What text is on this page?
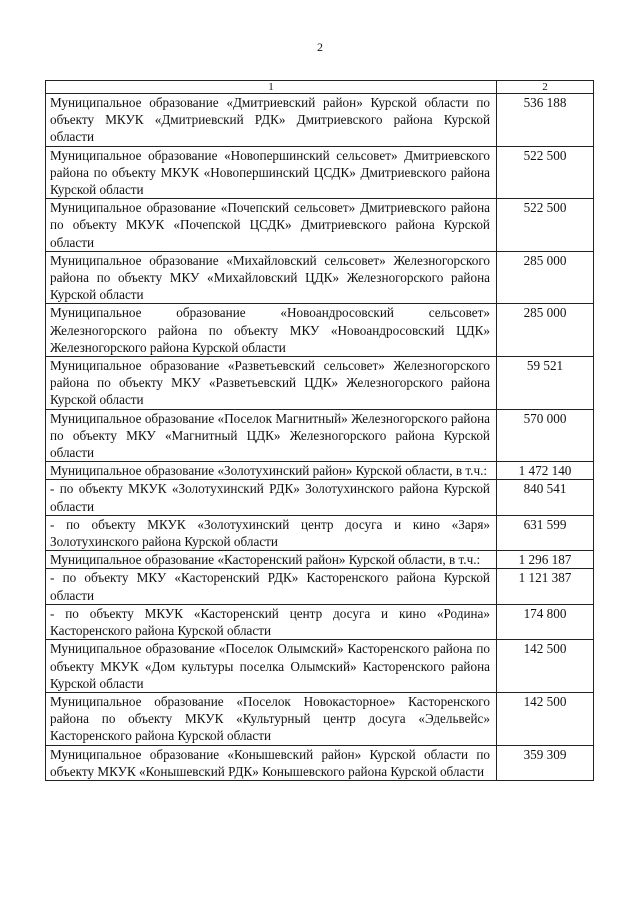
2
1	2
Муниципальное образование «Дмитриевский район» Курской области по объекту МКУК «Дмитриевский РДК» Дмитриевского района Курской области	536 188
Муниципальное образование «Новопершинский сельсовет» Дмитриевского района по объекту МКУК «Новопершинский ЦСДК» Дмитриевского района Курской области	522 500
Муниципальное образование «Почепский сельсовет» Дмитриевского района по объекту МКУК «Почепской ЦСДК» Дмитриевского района Курской области	522 500
Муниципальное образование «Михайловский сельсовет» Железногорского района по объекту МКУ «Михайловский ЦДК» Железногорского района Курской области	285 000
Муниципальное образование «Новоандросовский сельсовет» Железногорского района по объекту МКУ «Новоандросовский ЦДК» Железногорского района Курской области	285 000
Муниципальное образование «Разветьевский сельсовет» Железногорского района по объекту МКУ «Разветьевский ЦДК» Железногорского района Курской области	59 521
Муниципальное образование «Поселок Магнитный» Железногорского района по объекту МКУ «Магнитный ЦДК» Железногорского района Курской области	570 000
Муниципальное образование «Золотухинский район» Курской области, в т.ч.:	1 472 140
- по объекту МКУК «Золотухинский РДК» Золотухинского района Курской области	840 541
- по объекту МКУК «Золотухинский центр досуга и кино «Заря» Золотухинского района Курской области	631 599
Муниципальное образование «Касторенский район» Курской области, в т.ч.:	1 296 187
- по объекту МКУ «Касторенский РДК» Касторенского района Курской области	1 121 387
- по объекту МКУК «Касторенский центр досуга и кино «Родина» Касторенского района Курской области	174 800
Муниципальное образование «Поселок Олымский» Касторенского района по объекту МКУК «Дом культуры поселка Олымский» Касторенского района Курской области	142 500
Муниципальное образование «Поселок Новокасторное» Касторенского района по объекту МКУК «Культурный центр досуга «Эдельвейс» Касторенского района Курской области	142 500
Муниципальное образование «Конышевский район» Курской области по объекту МКУК «Конышевский РДК» Конышевского района Курской области	359 309
